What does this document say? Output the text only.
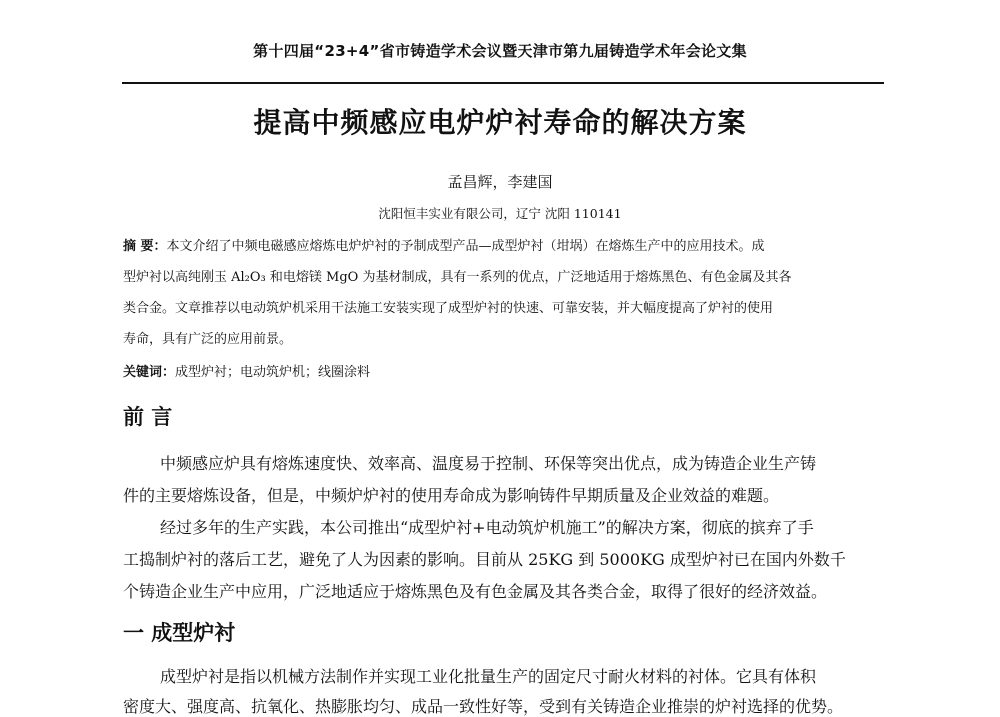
第十四届“23+4”省市铸造学术会议暨天津市第九届铸造学术年会论文集
提高中频感应电炉炉衬寿命的解决方案
孟昌辉，李建国
沈阳恒丰实业有限公司，辽宁 沈阳 110141
摘 要：本文介绍了中频电磁感应熔炼电炉炉衬的予制成型产品—成型炉衬（坩埚）在熔炼生产中的应用技术。成
型炉衬以高纯刚玉 Al₂O₃ 和电熔镁 MgO 为基材制成，具有一系列的优点，广泛地适用于熔炼黑色、有色金属及其各
类合金。文章推荐以电动筑炉机采用干法施工安装实现了成型炉衬的快速、可靠安装，并大幅度提高了炉衬的使用
寿命，具有广泛的应用前景。
关键词：成型炉衬；电动筑炉机；线圈涂料
前 言
中频感应炉具有熔炼速度快、效率高、温度易于控制、环保等突出优点，成为铸造企业生产铸
件的主要熔炼设备，但是，中频炉炉衬的使用寿命成为影响铸件早期质量及企业效益的难题。
经过多年的生产实践，本公司推出“成型炉衬+电动筑炉机施工”的解决方案，彻底的摈弃了手
工捣制炉衬的落后工艺，避免了人为因素的影响。目前从 25KG 到 5000KG 成型炉衬已在国内外数千
个铸造企业生产中应用，广泛地适应于熔炼黑色及有色金属及其各类合金，取得了很好的经济效益。
一 成型炉衬
成型炉衬是指以机械方法制作并实现工业化批量生产的固定尺寸耐火材料的衬体。它具有体积
密度大、强度高、抗氧化、热膨胀均匀、成品一致性好等，受到有关铸造企业推崇的炉衬选择的优势。
